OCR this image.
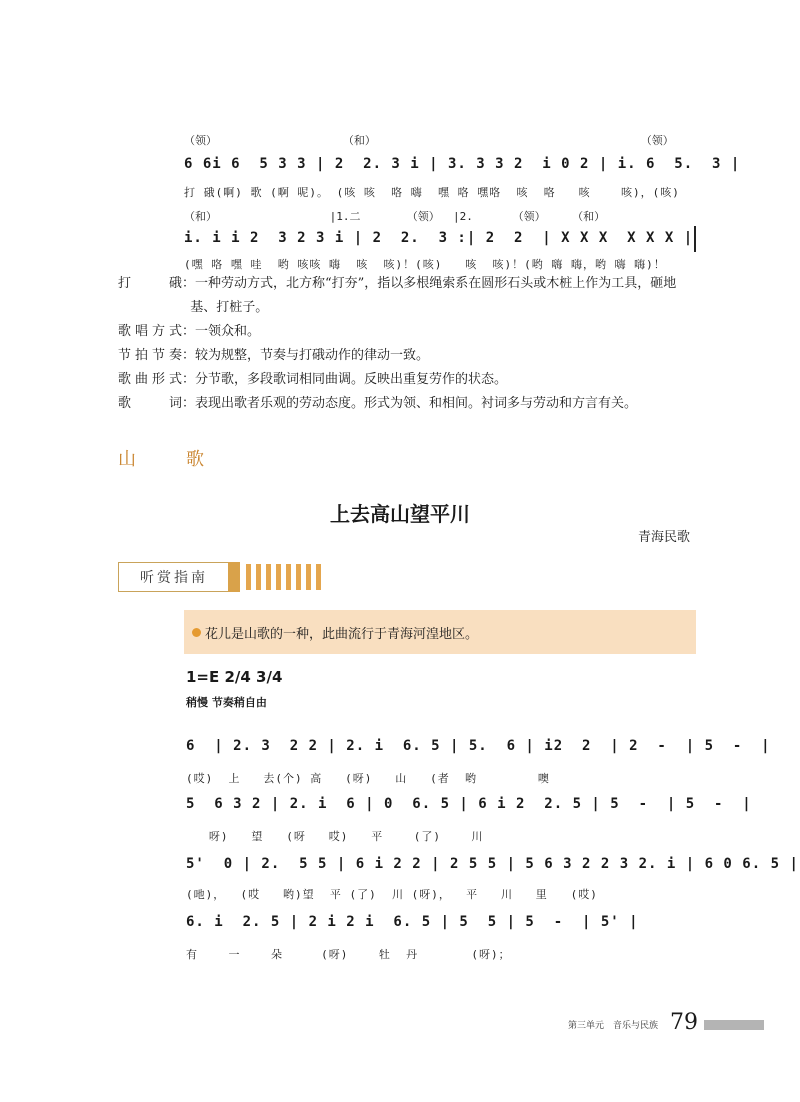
（领）                   （和）                                        （领）
6 6i 6  5 3 3 | 2  2. 3 i | 3. 3 3 2  i 0 2 | i. 6  5.  3 |
打 硪(啊) 歌 (啊 呢)。 (咳 咳  咯 嗨  嘿 咯 嘿咯  咳  咯   咳    咳)，(咳)
（和）                 |1.二       （领）  |2.      （领）    （和）
i. i i 2  3 2 3 i | 2  2.  3 :| 2  2  | X X X  X X X |
(嘿 咯 嘿 哇  哟 咳咳 嗨  咳  咳)！(咳)   咳  咳)！(哟 嗨 嗨，哟 嗨 嗨)！
打　　硪 ： 一种劳动方式，北方称“打夯”，指以多根绳索系在圆形石头或木桩上作为工具，砸地

基、打桩子。
歌唱方式 ： 一领众和。
节拍节奏 ： 较为规整，节奏与打硪动作的律动一致。
歌曲形式 ： 分节歌，多段歌词相同曲调。反映出重复劳作的状态。
歌　　词 ： 表现出歌者乐观的劳动态度。形式为领、和相间。衬词多与劳动和方言有关。
山　歌
上去高山望平川
青海民歌
听赏指南
花儿是山歌的一种，此曲流行于青海河湟地区。
1=E 2/4 3/4
稍慢 节奏稍自由
6  | 2. 3  2 2 | 2. i  6. 5 | 5.  6 | i2  2  | 2  -  | 5  -  |
(哎)  上   去(个) 高   (呀)   山   (者  哟        噢
5  6 3 2 | 2. i  6 | 0  6. 5 | 6 i 2  2. 5 | 5  -  | 5  -  |
呀)   望   (呀   哎)   平    (了)    川
5'  0 | 2.  5 5 | 6 i 2 2 | 2 5 5 | 5 6 3 2 2 3 2. i | 6 0 6. 5 |
(吔)，  (哎   哟)望  平 (了)  川 (呀)，  平   川   里   (哎)
6. i  2. 5 | 2 i 2 i  6. 5 | 5  5 | 5  -  | 5' |
有    一    朵     (呀)    牡  丹       (呀)；
第三单元　音乐与民族 79
